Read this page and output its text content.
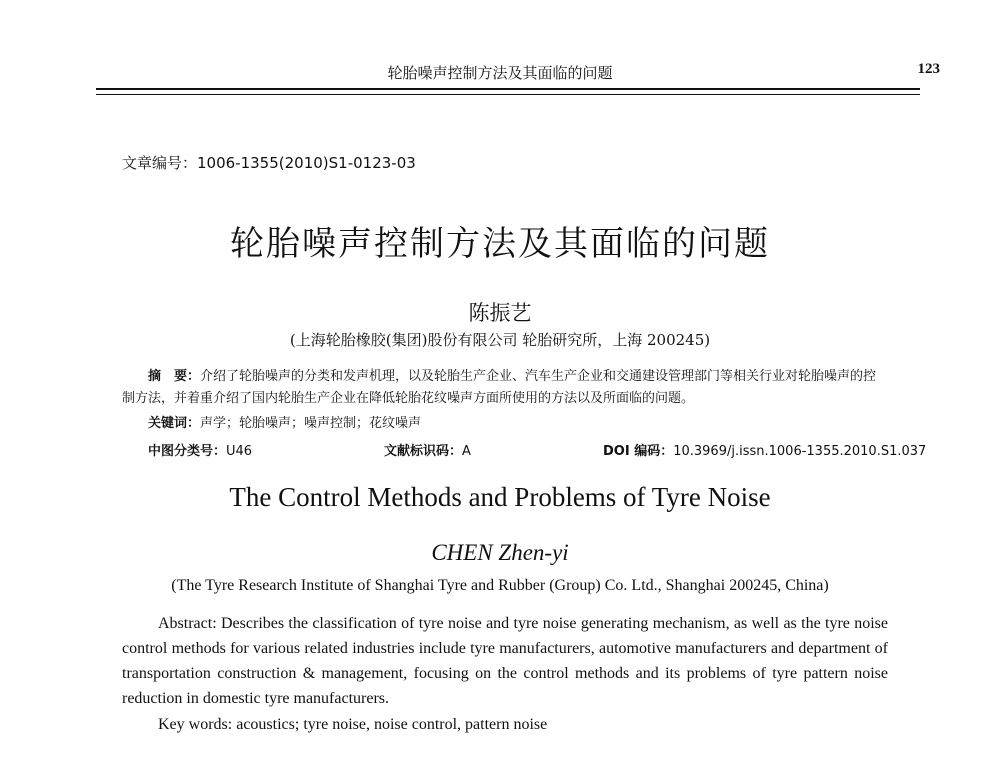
轮胎噪声控制方法及其面临的问题	123
文章编号：1006-1355(2010)S1-0123-03
轮胎噪声控制方法及其面临的问题
陈振艺
(上海轮胎橡胶(集团)股份有限公司 轮胎研究所，上海 200245)
摘　要：介绍了轮胎噪声的分类和发声机理，以及轮胎生产企业、汽车生产企业和交通建设管理部门等相关行业对轮胎噪声的控制方法，并着重介绍了国内轮胎生产企业在降低轮胎花纹噪声方面所使用的方法以及所面临的问题。
关键词：声学；轮胎噪声；噪声控制；花纹噪声
中图分类号：U46	文献标识码：A	DOI 编码：10.3969/j.issn.1006-1355.2010.S1.037
The Control Methods and Problems of Tyre Noise
CHEN Zhen-yi
(The Tyre Research Institute of Shanghai Tyre and Rubber (Group) Co. Ltd., Shanghai 200245, China)
Abstract: Describes the classification of tyre noise and tyre noise generating mechanism, as well as the tyre noise control methods for various related industries include tyre manufacturers, automotive manufacturers and department of transportation construction & management, focusing on the control methods and its problems of tyre pattern noise reduction in domestic tyre manufacturers.
Key words: acoustics; tyre noise, noise control, pattern noise
